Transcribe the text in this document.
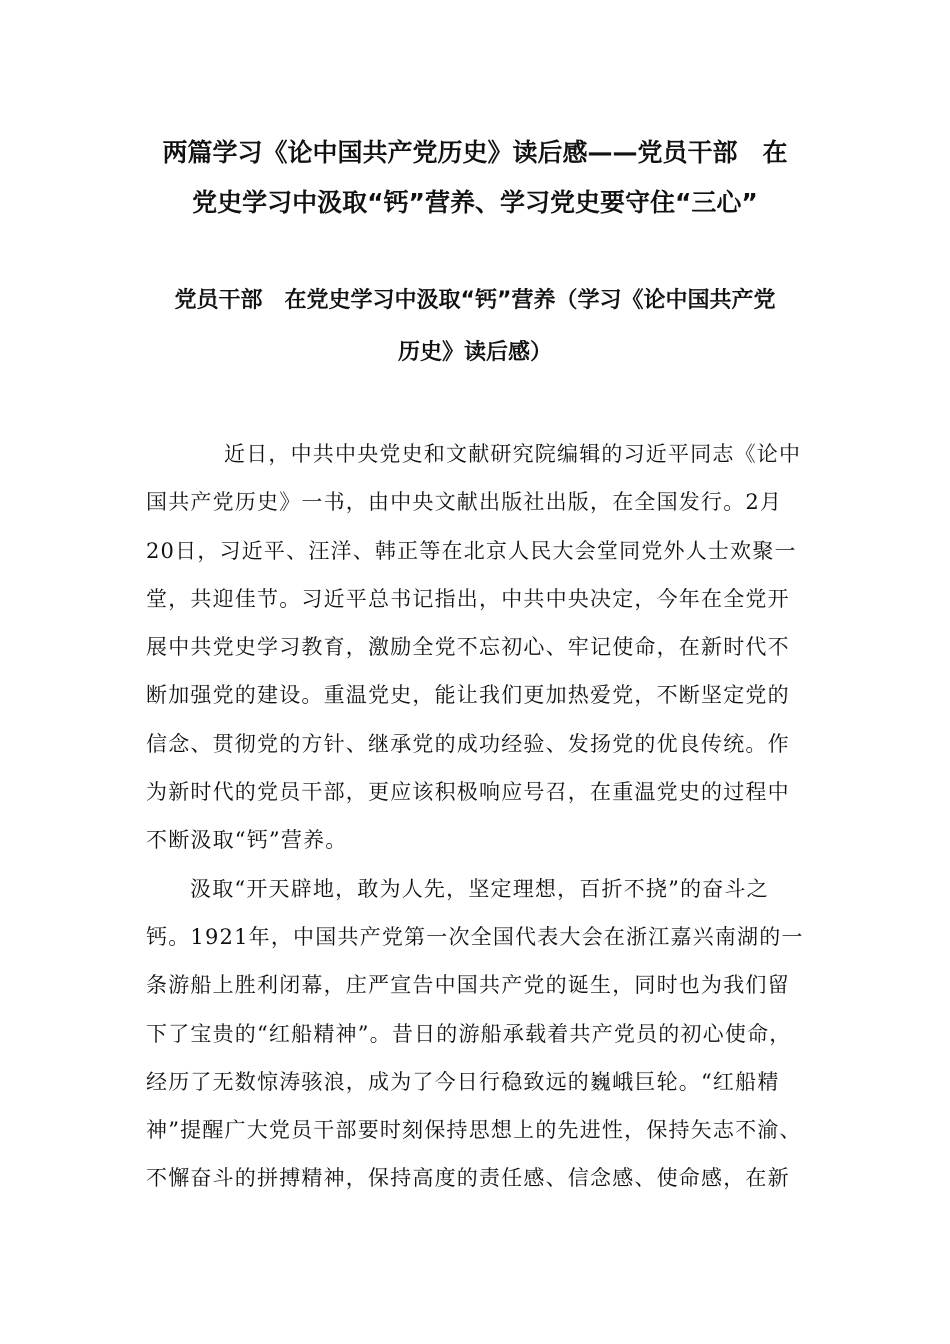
两篇学习《论中国共产党历史》读后感——党员干部　在
党史学习中汲取“钙”营养、学习党史要守住“三心”
党员干部　在党史学习中汲取“钙”营养（学习《论中国共产党
历史》读后感）

近日，中共中央党史和文献研究院编辑的习近平同志《论中
国共产党历史》一书，由中央文献出版社出版，在全国发行。2月
20日，习近平、汪洋、韩正等在北京人民大会堂同党外人士欢聚一
堂，共迎佳节。习近平总书记指出，中共中央决定，今年在全党开
展中共党史学习教育，激励全党不忘初心、牢记使命，在新时代不
断加强党的建设。重温党史，能让我们更加热爱党，不断坚定党的
信念、贯彻党的方针、继承党的成功经验、发扬党的优良传统。作
为新时代的党员干部，更应该积极响应号召，在重温党史的过程中
不断汲取“钙”营养。

汲取“开天辟地，敢为人先，坚定理想，百折不挠”的奋斗之
钙。1921年，中国共产党第一次全国代表大会在浙江嘉兴南湖的一
条游船上胜利闭幕，庄严宣告中国共产党的诞生，同时也为我们留
下了宝贵的“红船精神”。昔日的游船承载着共产党员的初心使命，
经历了无数惊涛骇浪，成为了今日行稳致远的巍峨巨轮。“红船精
神”提醒广大党员干部要时刻保持思想上的先进性，保持矢志不渝、
不懈奋斗的拼搏精神，保持高度的责任感、信念感、使命感，在新
